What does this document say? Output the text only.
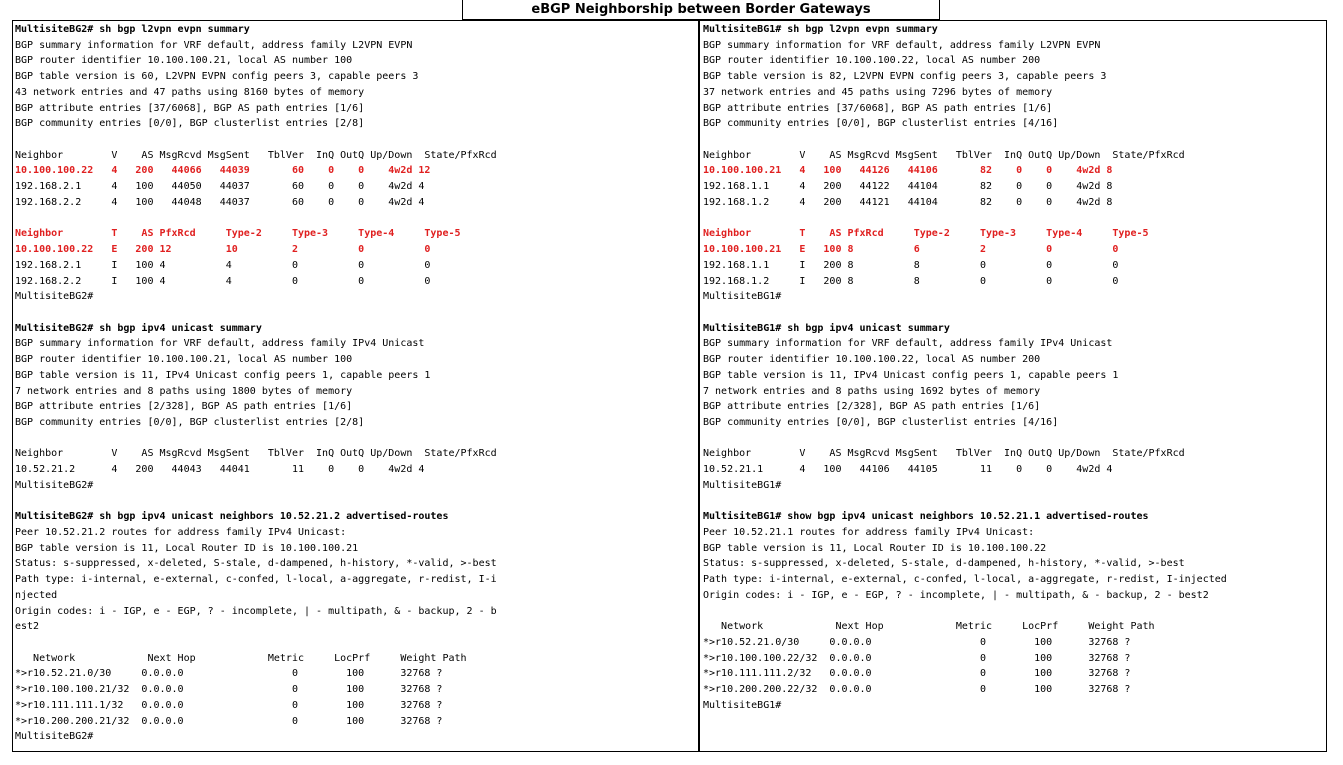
eBGP Neighborship between Border Gateways
MultisiteBG2# sh bgp l2vpn evpn summary
BGP summary information for VRF default, address family L2VPN EVPN
BGP router identifier 10.100.100.21, local AS number 100
BGP table version is 60, L2VPN EVPN config peers 3, capable peers 3
43 network entries and 47 paths using 8160 bytes of memory
BGP attribute entries [37/6068], BGP AS path entries [1/6]
BGP community entries [0/0], BGP clusterlist entries [2/8]
Neighbor        V    AS MsgRcvd MsgSent   TblVer  InQ OutQ Up/Down  State/PfxRcd
10.100.100.22   4   200   44066   44039       60    0    0    4w2d 12
192.168.2.1     4   100   44050   44037       60    0    0    4w2d 4
192.168.2.2     4   100   44048   44037       60    0    0    4w2d 4
Neighbor        T    AS PfxRcd     Type-2     Type-3     Type-4     Type-5
10.100.100.22   E   200 12         10         2          0          0
192.168.2.1     I   100 4          4          0          0          0
192.168.2.2     I   100 4          4          0          0          0
MultisiteBG2#
MultisiteBG2# sh bgp ipv4 unicast summary
BGP summary information for VRF default, address family IPv4 Unicast
BGP router identifier 10.100.100.21, local AS number 100
BGP table version is 11, IPv4 Unicast config peers 1, capable peers 1
7 network entries and 8 paths using 1800 bytes of memory
BGP attribute entries [2/328], BGP AS path entries [1/6]
BGP community entries [0/0], BGP clusterlist entries [2/8]
Neighbor        V    AS MsgRcvd MsgSent   TblVer  InQ OutQ Up/Down  State/PfxRcd
10.52.21.2      4   200   44043   44041       11    0    0    4w2d 4
MultisiteBG2#
MultisiteBG2# sh bgp ipv4 unicast neighbors 10.52.21.2 advertised-routes
Peer 10.52.21.2 routes for address family IPv4 Unicast:
BGP table version is 11, Local Router ID is 10.100.100.21
Status: s-suppressed, x-deleted, S-stale, d-dampened, h-history, *-valid, >-best
Path type: i-internal, e-external, c-confed, l-local, a-aggregate, r-redist, I-i
njected
Origin codes: i - IGP, e - EGP, ? - incomplete, | - multipath, & - backup, 2 - b
est2
Network            Next Hop            Metric     LocPrf     Weight Path
*>r10.52.21.0/30     0.0.0.0                  0        100      32768 ?
*>r10.100.100.21/32  0.0.0.0                  0        100      32768 ?
*>r10.111.111.1/32   0.0.0.0                  0        100      32768 ?
*>r10.200.200.21/32  0.0.0.0                  0        100      32768 ?
MultisiteBG2#
MultisiteBG1# sh bgp l2vpn evpn summary
BGP summary information for VRF default, address family L2VPN EVPN
BGP router identifier 10.100.100.22, local AS number 200
BGP table version is 82, L2VPN EVPN config peers 3, capable peers 3
37 network entries and 45 paths using 7296 bytes of memory
BGP attribute entries [37/6068], BGP AS path entries [1/6]
BGP community entries [0/0], BGP clusterlist entries [4/16]
Neighbor        V    AS MsgRcvd MsgSent   TblVer  InQ OutQ Up/Down  State/PfxRcd
10.100.100.21   4   100   44126   44106       82    0    0    4w2d 8
192.168.1.1     4   200   44122   44104       82    0    0    4w2d 8
192.168.1.2     4   200   44121   44104       82    0    0    4w2d 8
Neighbor        T    AS PfxRcd     Type-2     Type-3     Type-4     Type-5
10.100.100.21   E   100 8          6          2          0          0
192.168.1.1     I   200 8          8          0          0          0
192.168.1.2     I   200 8          8          0          0          0
MultisiteBG1#
MultisiteBG1# sh bgp ipv4 unicast summary
BGP summary information for VRF default, address family IPv4 Unicast
BGP router identifier 10.100.100.22, local AS number 200
BGP table version is 11, IPv4 Unicast config peers 1, capable peers 1
7 network entries and 8 paths using 1692 bytes of memory
BGP attribute entries [2/328], BGP AS path entries [1/6]
BGP community entries [0/0], BGP clusterlist entries [4/16]
Neighbor        V    AS MsgRcvd MsgSent   TblVer  InQ OutQ Up/Down  State/PfxRcd
10.52.21.1      4   100   44106   44105       11    0    0    4w2d 4
MultisiteBG1#
MultisiteBG1# show bgp ipv4 unicast neighbors 10.52.21.1 advertised-routes
Peer 10.52.21.1 routes for address family IPv4 Unicast:
BGP table version is 11, Local Router ID is 10.100.100.22
Status: s-suppressed, x-deleted, S-stale, d-dampened, h-history, *-valid, >-best
Path type: i-internal, e-external, c-confed, l-local, a-aggregate, r-redist, I-injected
Origin codes: i - IGP, e - EGP, ? - incomplete, | - multipath, & - backup, 2 - best2
Network            Next Hop            Metric     LocPrf     Weight Path
*>r10.52.21.0/30     0.0.0.0                  0        100      32768 ?
*>r10.100.100.22/32  0.0.0.0                  0        100      32768 ?
*>r10.111.111.2/32   0.0.0.0                  0        100      32768 ?
*>r10.200.200.22/32  0.0.0.0                  0        100      32768 ?
MultisiteBG1#
